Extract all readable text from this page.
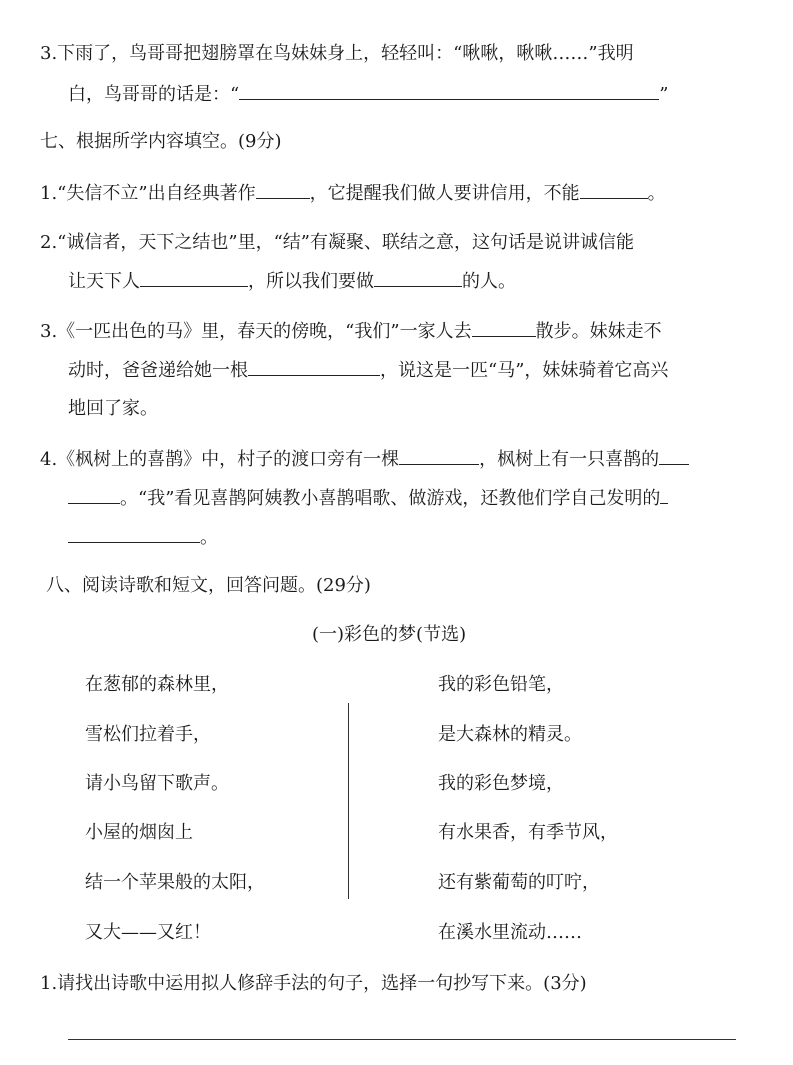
3.下雨了，鸟哥哥把翅膀罩在鸟妹妹身上，轻轻叫：“啾啾，啾啾……”我明
白，鸟哥哥的话是：“	”
七、根据所学内容填空。(9分)
1.“失信不立”出自经典著作	，它提醒我们做人要讲信用，不能	。
2.“诚信者，天下之结也”里，“结”有凝聚、联结之意，这句话是说讲诚信能
让天下人	，所以我们要做	的人。
3.《一匹出色的马》里，春天的傍晚，“我们”一家人去	散步。妹妹走不
动时，爸爸递给她一根	，说这是一匹“马”，妹妹骑着它高兴
地回了家。
4.《枫树上的喜鹊》中，村子的渡口旁有一棵	，枫树上有一只喜鹊的
。“我”看见喜鹊阿姨教小喜鹊唱歌、做游戏，还教他们学自己发明的
。
八、阅读诗歌和短文，回答问题。(29分)
(一)彩色的梦(节选)
在葱郁的森林里，
雪松们拉着手，
请小鸟留下歌声。
小屋的烟囱上
结一个苹果般的太阳，
又大——又红！
我的彩色铅笔，
是大森林的精灵。
我的彩色梦境，
有水果香，有季节风，
还有紫葡萄的叮咛，
在溪水里流动……
1.请找出诗歌中运用拟人修辞手法的句子，选择一句抄写下来。(3分)
